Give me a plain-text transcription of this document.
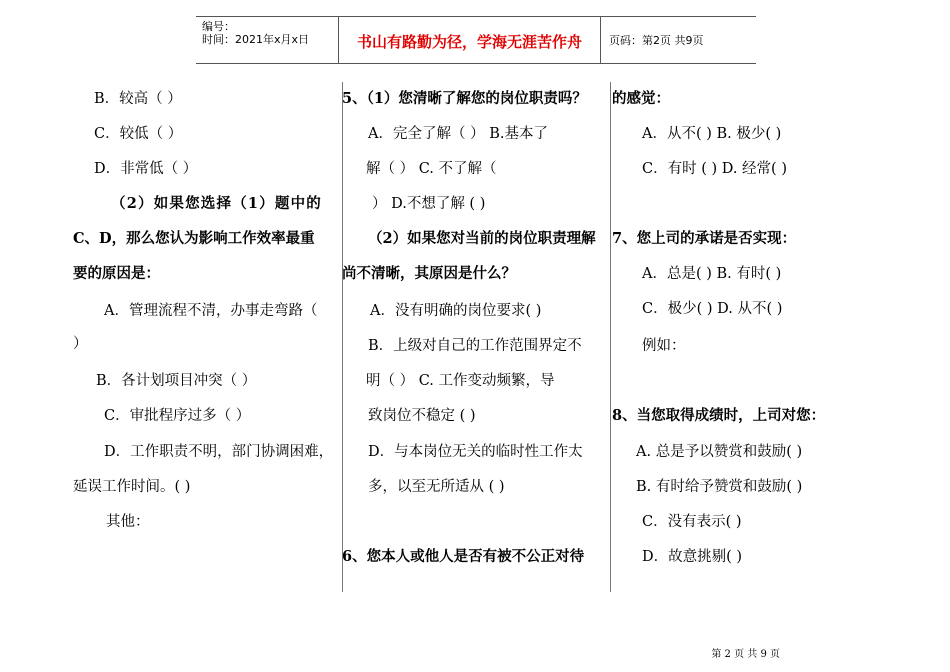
编号：
时间：2021年x月x日	书山有路勤为径，学海无涯苦作舟	页码：第2页 共9页
B．较高（ ）
C．较低（ ）
D．非常低（ ）
（2）如果您选择（1）题中的
C、D，那么您认为影响工作效率最重
要的原因是：
A．管理流程不清，办事走弯路（
）
B．各计划项目冲突（ ）
C．审批程序过多（ ）
D．工作职责不明，部门协调困难，
延误工作时间。( )
其他：
5、（1）您清晰了解您的岗位职责吗？
A．完全了解（ ） B.基本了
解（ ） C. 不了解（
） D.不想了解 ( )
（2）如果您对当前的岗位职责理解
尚不清晰，其原因是什么？
A．没有明确的岗位要求( )
B．上级对自己的工作范围界定不
明（ ） C. 工作变动频繁，导
致岗位不稳定 ( )
D．与本岗位无关的临时性工作太
多，以至无所适从 ( )
6、您本人或他人是否有被不公正对待
的感觉：
A．从不( ) B. 极少( )
C．有时 ( ) D. 经常( )
7、您上司的承诺是否实现：
A．总是( ) B. 有时( )
C．极少( ) D. 从不( )
例如：
8、当您取得成绩时，上司对您：
A. 总是予以赞赏和鼓励( )
B. 有时给予赞赏和鼓励( )
C．没有表示( )
D．故意挑剔( )
第 2 页 共 9 页
